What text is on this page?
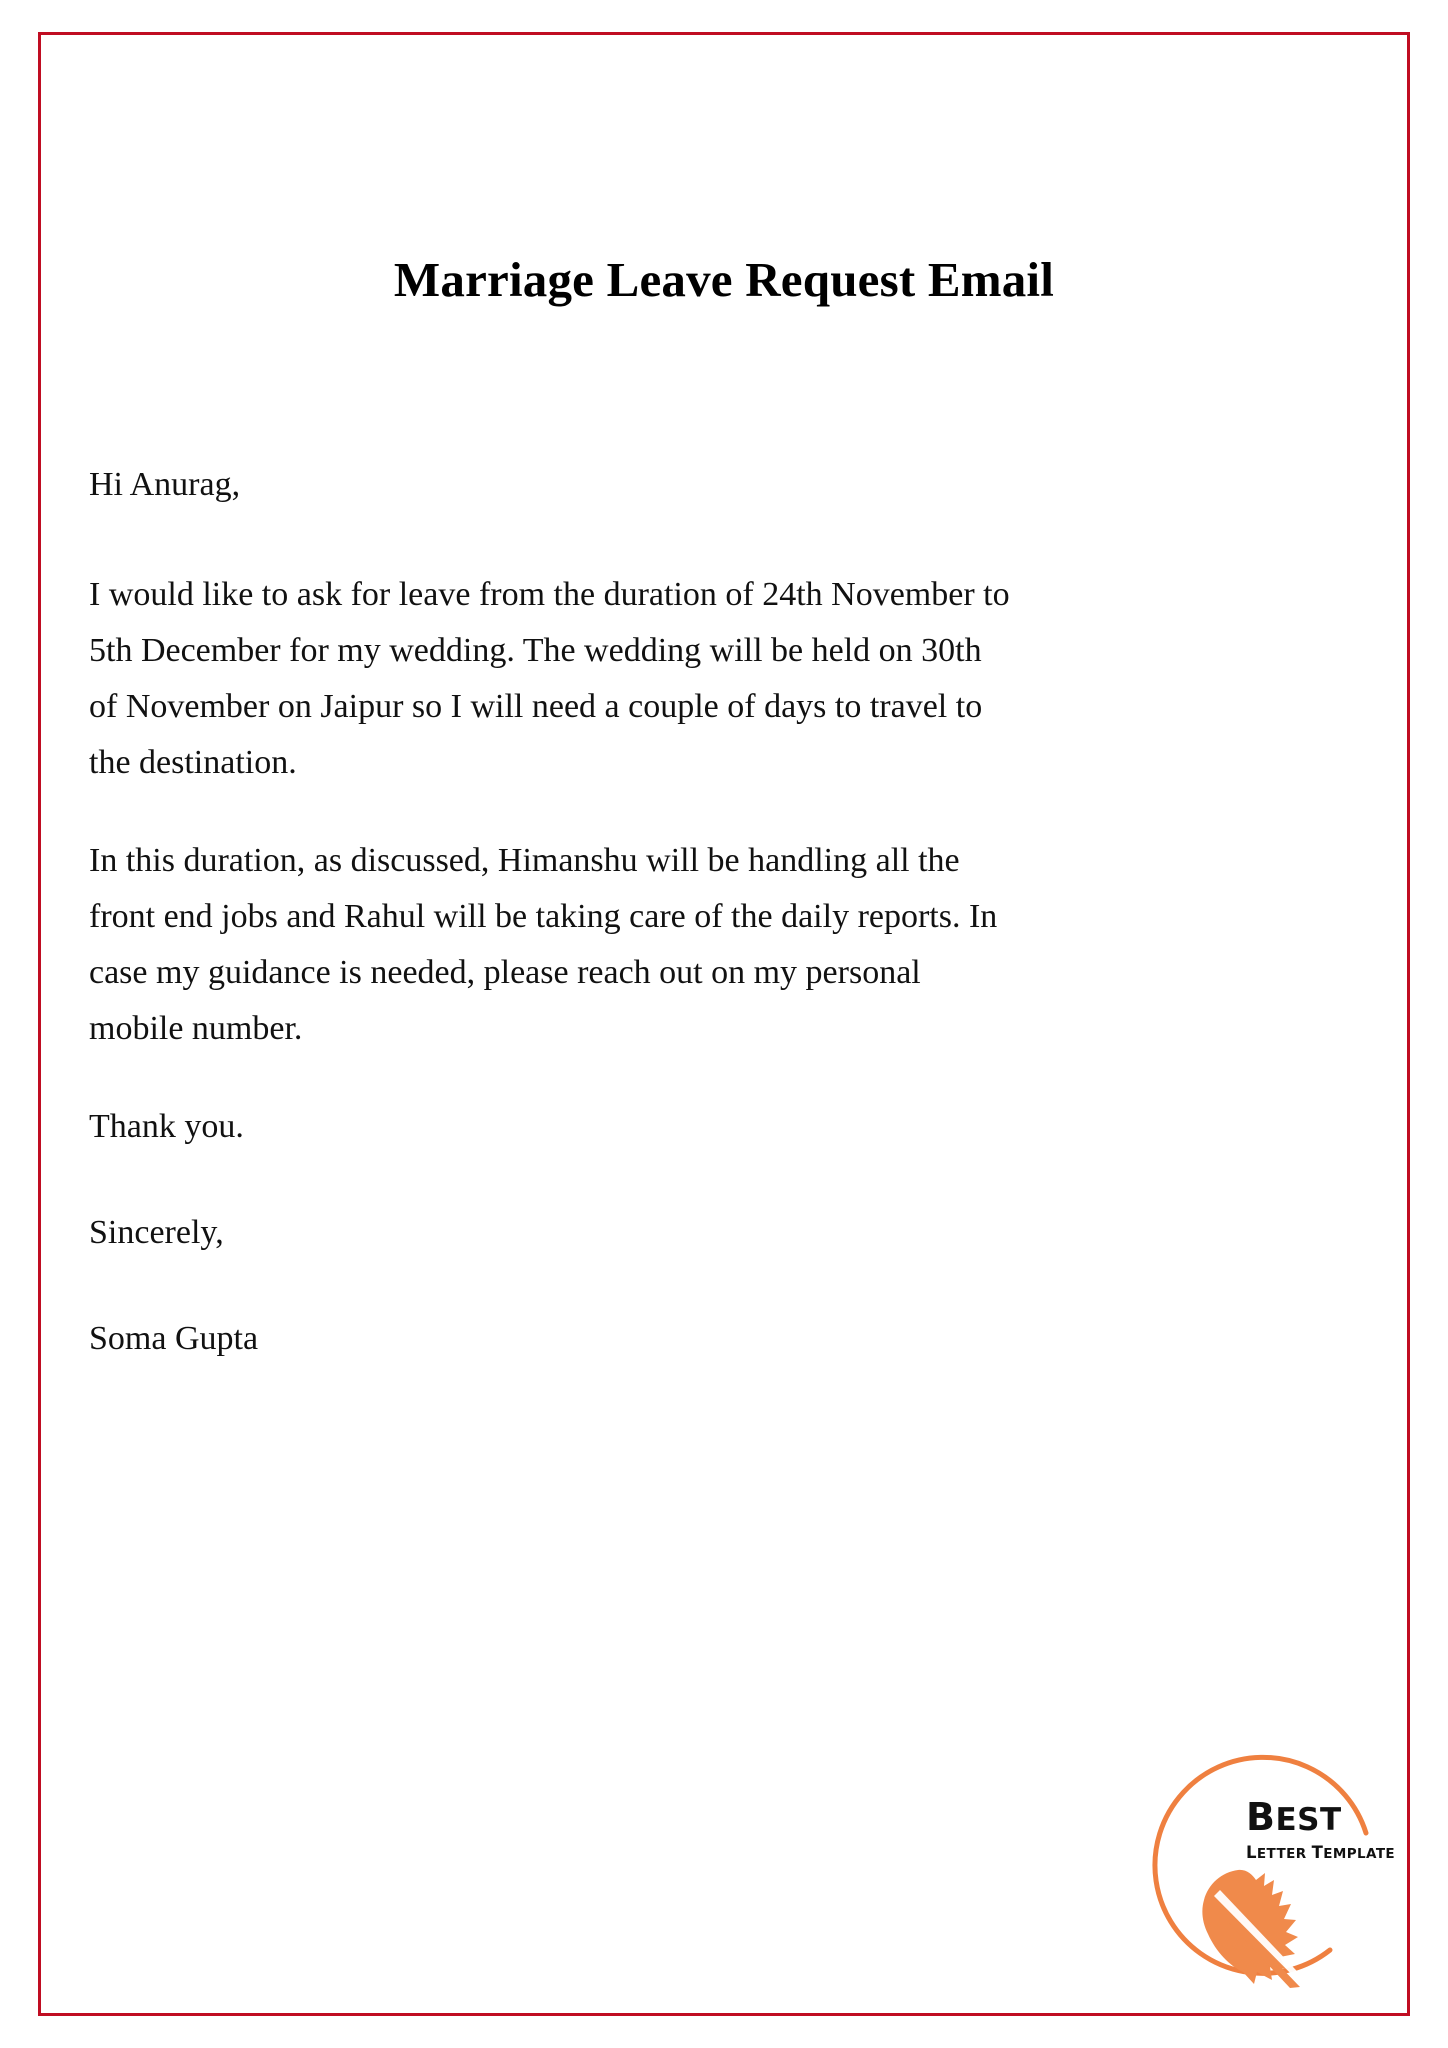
Marriage Leave Request Email

Hi Anurag,

I would like to ask for leave from the duration of 24th November to 5th December for my wedding. The wedding will be held on 30th of November on Jaipur so I will need a couple of days to travel to the destination.

In this duration, as discussed, Himanshu will be handling all the front end jobs and Rahul will be taking care of the daily reports. In case my guidance is needed, please reach out on my personal mobile number.

Thank you.

Sincerely,

Soma Gupta

BEST
LETTER TEMPLATE
